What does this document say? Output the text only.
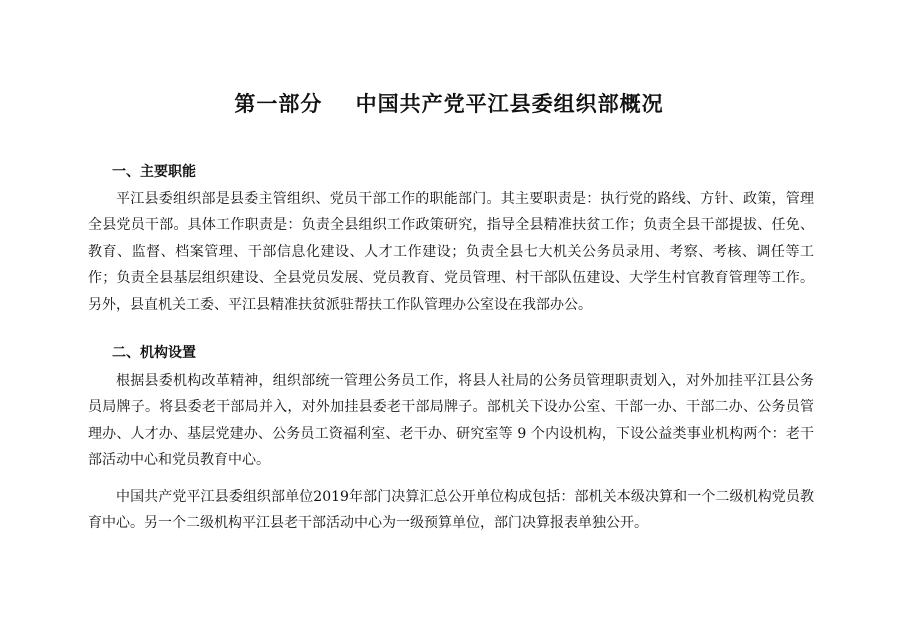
第一部分    中国共产党平江县委组织部概况
一、主要职能

平江县委组织部是县委主管组织、党员干部工作的职能部门。其主要职责是：执行党的路线、方针、政策，管理全县党员干部。具体工作职责是：负责全县组织工作政策研究，指导全县精准扶贫工作；负责全县干部提拔、任免、教育、监督、档案管理、干部信息化建设、人才工作建设；负责全县七大机关公务员录用、考察、考核、调任等工作；负责全县基层组织建设、全县党员发展、党员教育、党员管理、村干部队伍建设、大学生村官教育管理等工作。另外，县直机关工委、平江县精准扶贫派驻帮扶工作队管理办公室设在我部办公。

二、机构设置

根据县委机构改革精神，组织部统一管理公务员工作，将县人社局的公务员管理职责划入，对外加挂平江县公务员局牌子。将县委老干部局并入，对外加挂县委老干部局牌子。部机关下设办公室、干部一办、干部二办、公务员管理办、人才办、基层党建办、公务员工资福利室、老干办、研究室等 9 个内设机构，下设公益类事业机构两个：老干部活动中心和党员教育中心。

中国共产党平江县委组织部单位2019年部门决算汇总公开单位构成包括：部机关本级决算和一个二级机构党员教育中心。另一个二级机构平江县老干部活动中心为一级预算单位，部门决算报表单独公开。
